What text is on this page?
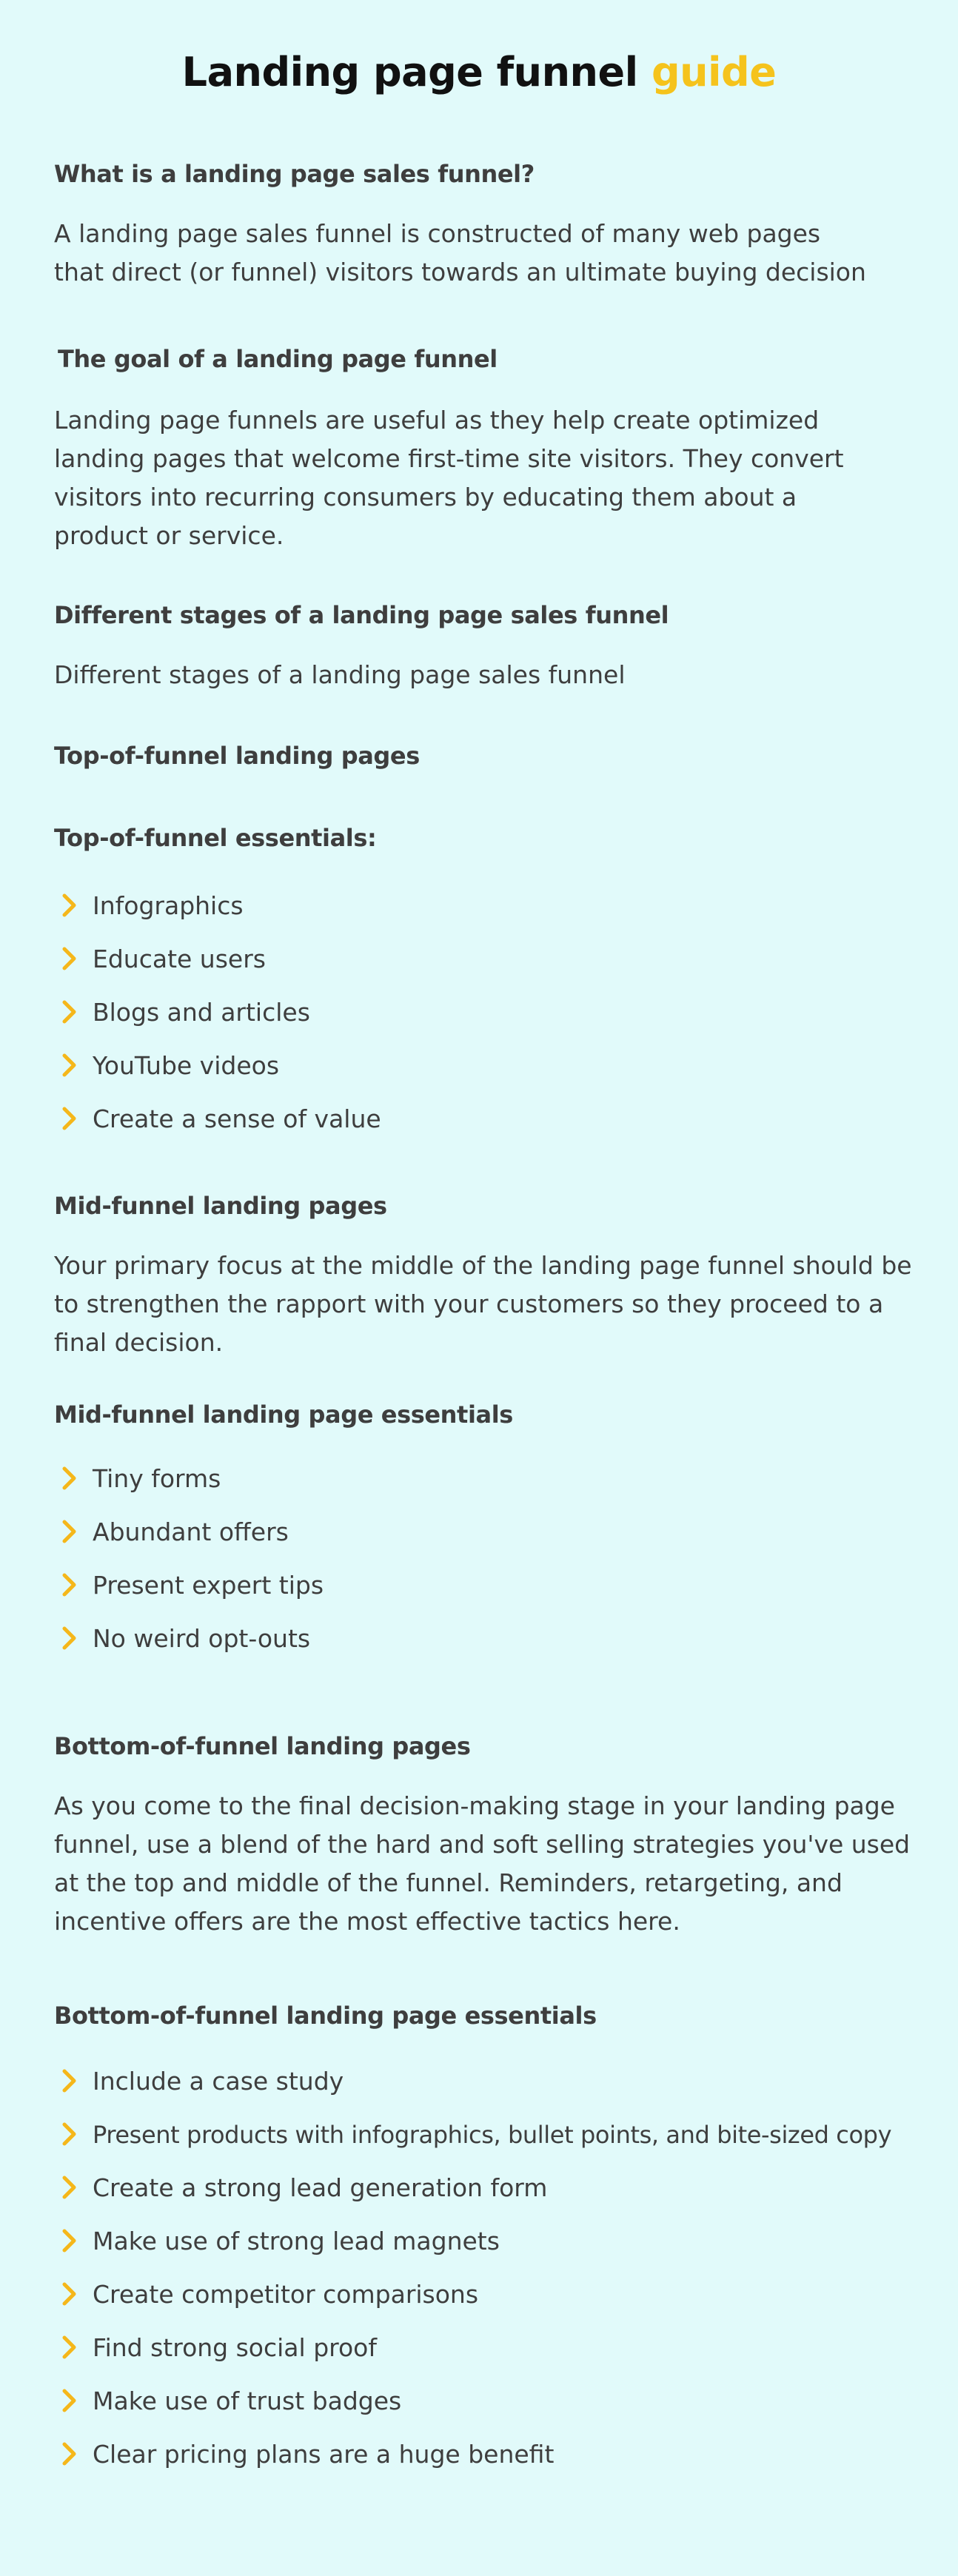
Landing page funnel guide
What is a landing page sales funnel?
A landing page sales funnel is constructed of many web pages
that direct (or funnel) visitors towards an ultimate buying decision
The goal of a landing page funnel
Landing page funnels are useful as they help create optimized
landing pages that welcome first-time site visitors. They convert
visitors into recurring consumers by educating them about a
product or service.
Different stages of a landing page sales funnel
Different stages of a landing page sales funnel
Top-of-funnel landing pages
Top-of-funnel essentials:
Infographics
Educate users
Blogs and articles
YouTube videos
Create a sense of value
Mid-funnel landing pages
Your primary focus at the middle of the landing page funnel should be
to strengthen the rapport with your customers so they proceed to a
final decision.
Mid-funnel landing page essentials
Tiny forms
Abundant offers
Present expert tips
No weird opt-outs
Bottom-of-funnel landing pages
As you come to the final decision-making stage in your landing page
funnel, use a blend of the hard and soft selling strategies you've used
at the top and middle of the funnel. Reminders, retargeting, and
incentive offers are the most effective tactics here.
Bottom-of-funnel landing page essentials
Include a case study
Present products with infographics, bullet points, and bite-sized copy
Create a strong lead generation form
Make use of strong lead magnets
Create competitor comparisons
Find strong social proof
Make use of trust badges
Clear pricing plans are a huge benefit
